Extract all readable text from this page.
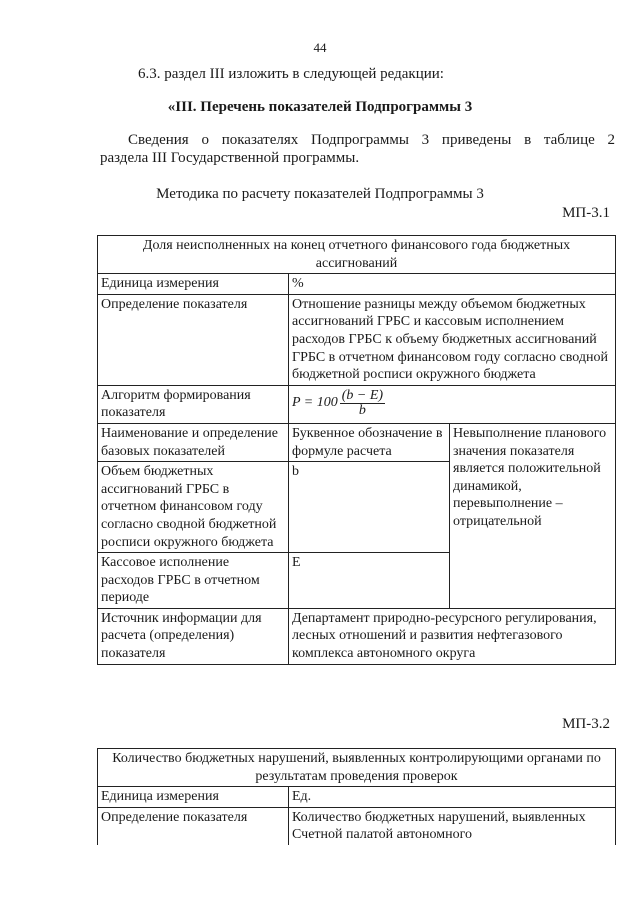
44
6.3. раздел III изложить в следующей редакции:
«III. Перечень показателей Подпрограммы 3
Сведения о показателях Подпрограммы 3 приведены в таблице 2
раздела III Государственной программы.
Методика по расчету показателей Подпрограммы 3
МП-3.1
Доля неисполненных на конец отчетного финансового года бюджетных ассигнований		
Единица измерения	%	
Определение показателя	Отношение разницы между объемом бюджетных ассигнований ГРБС и кассовым исполнением расходов ГРБС к объему бюджетных ассигнований ГРБС в отчетном финансовом году согласно сводной бюджетной росписи окружного бюджета	
Алгоритм формирования показателя	$P = 100 \frac{(b - E)}{b}$

Наименование и определение базовых показателей	Буквенное обозначение в формуле расчета	Невыполнение планового значения показателя является положительной динамикой, перевыполнение – отрицательной
Объем бюджетных ассигнований ГРБС в отчетном финансовом году согласно сводной бюджетной росписи окружного бюджета	b	
Кассовое исполнение расходов ГРБС в отчетном периоде	E	
Источник информации для расчета (определения) показателя	Департамент природно-ресурсного регулирования, лесных отношений и развития нефтегазового комплекса автономного округа	
МП-3.2
Количество бюджетных нарушений, выявленных контролирующими органами по результатам проведения проверок	
Единица измерения	Ед.
Определение показателя	Количество бюджетных нарушений, выявленных Счетной палатой автономного
